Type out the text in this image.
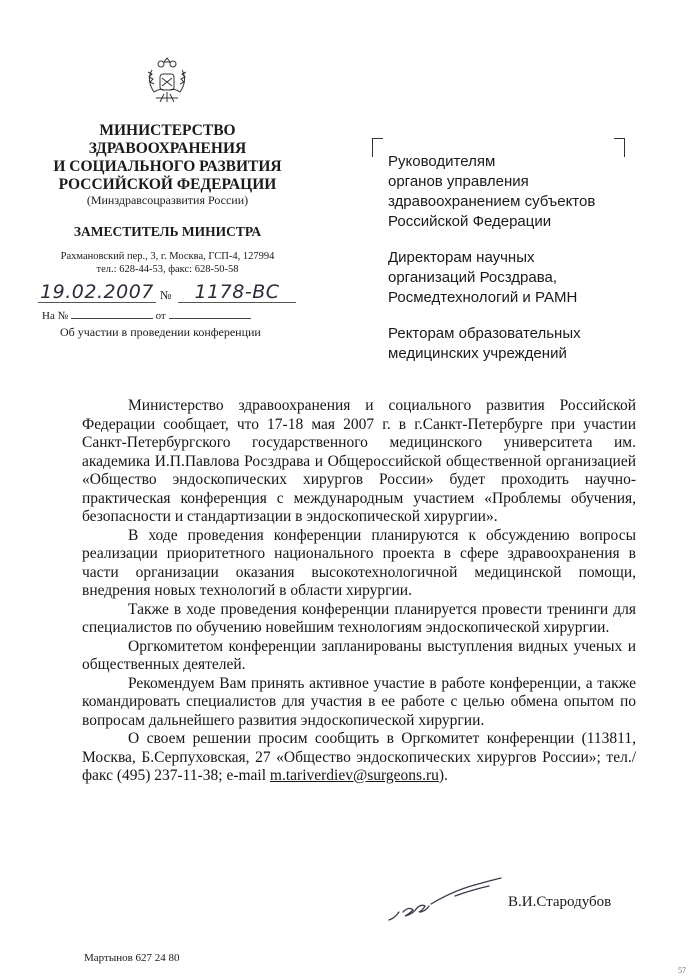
МИНИСТЕРСТВО
ЗДРАВООХРАНЕНИЯ
И СОЦИАЛЬНОГО РАЗВИТИЯ
РОССИЙСКОЙ ФЕДЕРАЦИИ
(Минздравсоцразвития России)
ЗАМЕСТИТЕЛЬ МИНИСТРА
Рахмановский пер., 3, г. Москва, ГСП-4, 127994
тел.: 628-44-53, факс: 628-50-58
19.02.2007 №	1178-ВС
На №	от
Об участии в проведении конференции
Руководителям
органов управления
здравоохранением субъектов
Российской Федерации
Директорам научных
организаций Росздрава,
Росмедтехнологий и РАМН
Ректорам образовательных
медицинских учреждений

Министерство здравоохранения и социального развития Российской Федерации сообщает, что 17-18 мая 2007 г. в г.Санкт-Петербурге при участии Санкт-Петербургского государственного медицинского университета им. академика И.П.Павлова Росздрава и Общероссийской общественной организацией «Общество эндоскопических хирургов России» будет проходить научно-практическая конференция с международным участием «Проблемы обучения, безопасности и стандартизации в эндоскопической хирургии».

В ходе проведения конференции планируются к обсуждению вопросы реализации приоритетного национального проекта в сфере здравоохранения в части организации оказания высокотехнологичной медицинской помощи, внедрения новых технологий в области хирургии.

Также в ходе проведения конференции планируется провести тренинги для специалистов по обучению новейшим технологиям эндоскопической хирургии.

Оргкомитетом конференции запланированы выступления видных ученых и общественных деятелей.

Рекомендуем Вам принять активное участие в работе конференции, а также командировать специалистов для участия в ее работе с целью обмена опытом по вопросам дальнейшего развития эндоскопической хирургии.

О своем решении просим сообщить в Оргкомитет конференции (113811, Москва, Б.Серпуховская, 27 «Общество эндоскопических хирургов России»; тел./факс (495) 237-11-38; e-mail m.tariverdiev@surgeons.ru).

В.И.Стародубов
Мартынов 627 24 80
57
